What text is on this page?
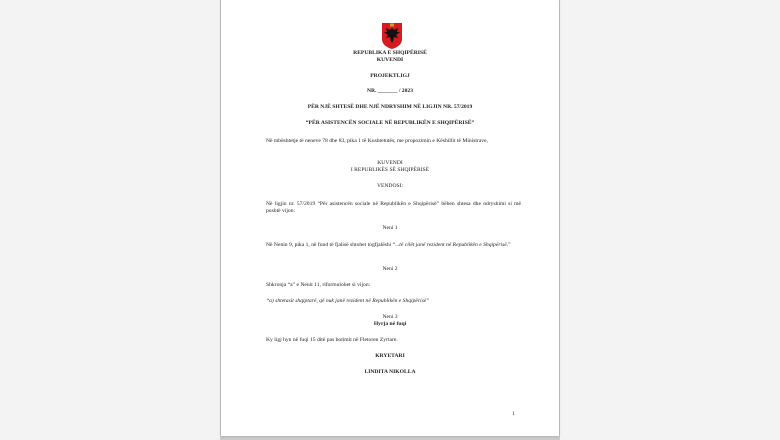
REPUBLIKA E SHQIPËRISË
KUVENDI
PROJEKTLIGJ
NR. _______ / 2023
PËR NJË SHTESË DHE NJË NDRYSHIM NË LIGJIN NR. 57/2019
“PËR ASISTENCËN SOCIALE NË REPUBLIKËN E SHQIPËRISË”
Në mbështetje të neneve 78 dhe 83, pika 1 të Kushtetutës, me propozimin e Këshillit të Ministrave,
KUVENDI
I REPUBLIKËS SË SHQIPËRISË
VENDOSI:
Në ligjin nr. 57/2019 “Për asistencën sociale në Republikën e Shqipërisë” bëhen shtesa dhe ndryshimi si më poshtë vijon:
Neni 1
Në Nenin 9, pika 1, në fund të fjalisë shtohet togfjalëshi “...të cilët janë rezident në Republikën e Shqipërisë.”
Neni 2
Shkronja “a” e Nenit 11, riformulohet si vijon:
“a) shtetasit shqiptarë, që nuk janë rezident në Republikën e Shqipërisë”
Neni 3
Hyrja në fuqi
Ky ligj hyn në fuqi 15 ditë pas botimit në Fletoren Zyrtare.
KRYETARI
LINDITA NIKOLLA
1
